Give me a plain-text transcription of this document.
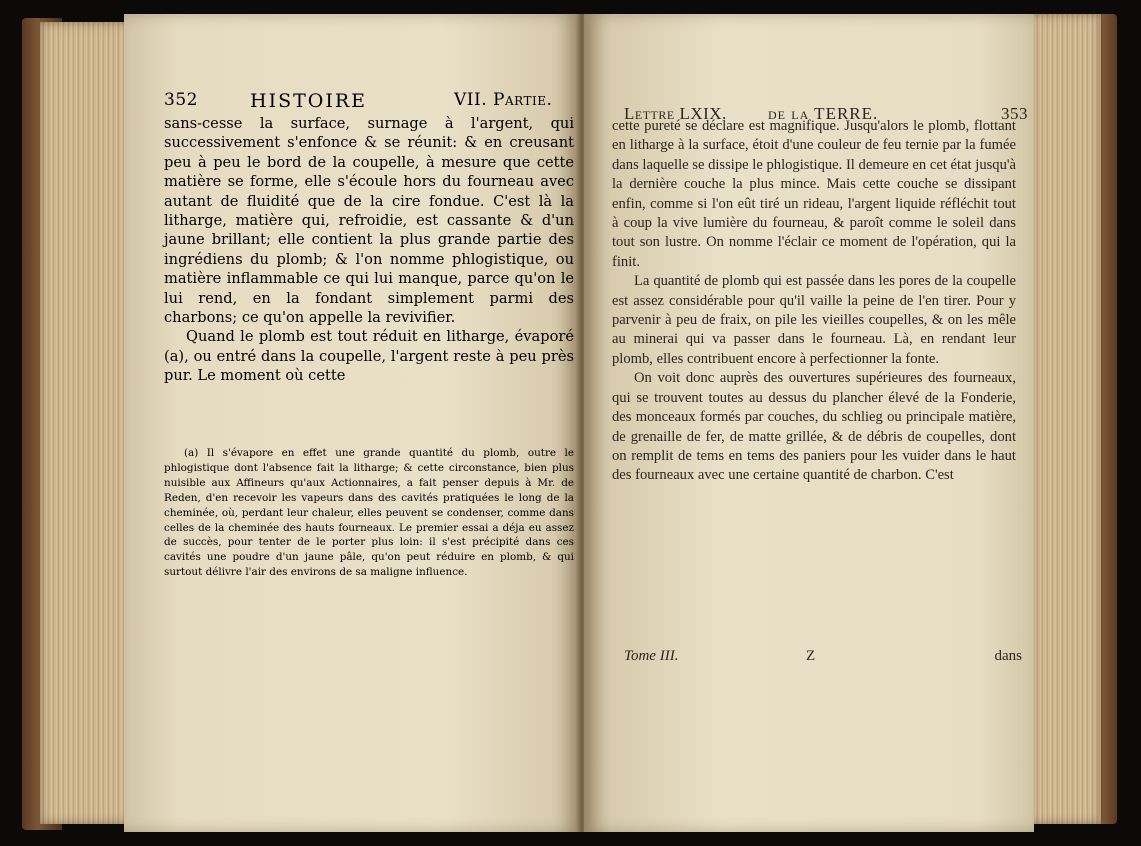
352	HISTOIRE	VII. Partie.

sans-cesse la surface, surnage à l'argent, qui successivement s'enfonce & se réunit: & en creusant peu à peu le bord de la coupelle, à mesure que cette matière se forme, elle s'écoule hors du fourneau avec autant de fluidité que de la cire fondue. C'est là la litharge, matière qui, refroidie, est cassante & d'un jaune brillant; elle contient la plus grande partie des ingrédiens du plomb; & l'on nomme phlogistique, ou matière inflammable ce qui lui manque, parce qu'on le lui rend, en la fondant simplement parmi des charbons; ce qu'on appelle la revivifier.

Quand le plomb est tout réduit en litharge, évaporé (a), ou entré dans la coupelle, l'argent reste à peu près pur. Le moment où cette

(a) Il s'évapore en effet une grande quantité du plomb, outre le phlogistique dont l'absence fait la litharge; & cette circonstance, bien plus nuisible aux Affineurs qu'aux Actionnaires, a fait penser depuis à Mr. de Reden, d'en recevoir les vapeurs dans des cavités pratiquées le long de la cheminée, où, perdant leur chaleur, elles peuvent se condenser, comme dans celles de la cheminée des hauts fourneaux. Le premier essai a déja eu assez de succès, pour tenter de le porter plus loin: il s'est précipité dans ces cavités une poudre d'un jaune pâle, qu'on peut réduire en plomb, & qui surtout délivre l'air des environs de sa maligne influence.
Lettre LXIX. de la TERRE.	353

cette pureté se déclare est magnifique. Jusqu'alors le plomb, flottant en litharge à la surface, étoit d'une couleur de feu ternie par la fumée dans laquelle se dissipe le phlogistique. Il demeure en cet état jusqu'à la dernière couche la plus mince. Mais cette couche se dissipant enfin, comme si l'on eût tiré un rideau, l'argent liquide réfléchit tout à coup la vive lumière du fourneau, & paroît comme le soleil dans tout son lustre. On nomme l'éclair ce moment de l'opération, qui la finit.

La quantité de plomb qui est passée dans les pores de la coupelle est assez considérable pour qu'il vaille la peine de l'en tirer. Pour y parvenir à peu de fraix, on pile les vieilles coupelles, & on les mêle au minerai qui va passer dans le fourneau. Là, en rendant leur plomb, elles contribuent encore à perfectionner la fonte.

On voit donc auprès des ouvertures supérieures des fourneaux, qui se trouvent toutes au dessus du plancher élevé de la Fonderie, des monceaux formés par couches, du schlieg ou principale matière, de grenaille de fer, de matte grillée, & de débris de coupelles, dont on remplit de tems en tems des paniers pour les vuider dans le haut des fourneaux avec une certaine quantité de charbon. C'est

Tome III.	Z	dans
